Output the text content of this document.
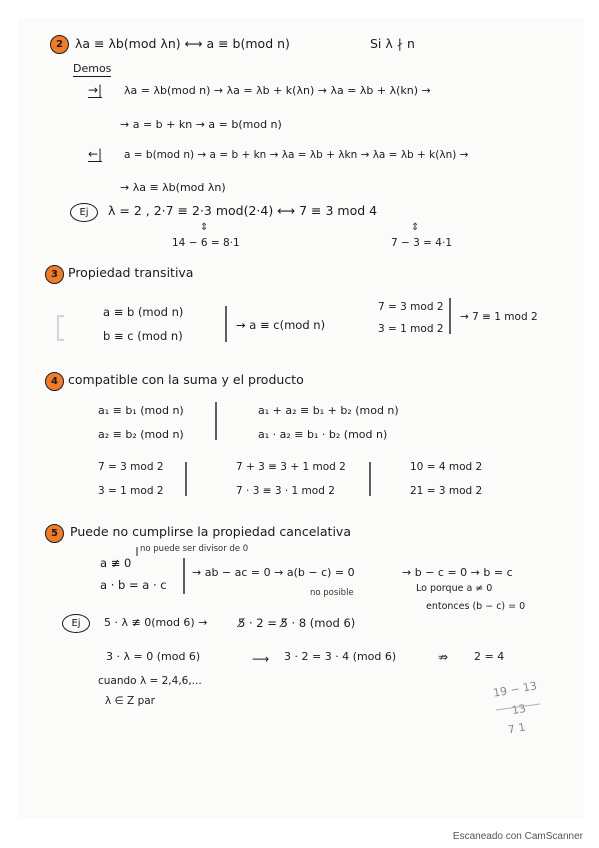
2 λa ≡ λb(mod λn) ⟷ a ≡ b(mod n)	Si λ ∤ n
Demos
→| λa = λb(mod n) → λa = λb + k(λn) → λa = λb + λ(kn) →
→ a = b + kn → a = b(mod n)
←| a = b(mod n) → a = b + kn → λa = λb + λkn → λa = λb + k(λn) →
→ λa ≡ λb(mod λn)
Ej	λ = 2 , 2·7 ≡ 2·3 mod(2·4) ⟷ 7 ≡ 3 mod 4
⇕
14 − 6 = 8·1
⇕
7 − 3 = 4·1
3 Propiedad transitiva
a ≡ b (mod n)
b ≡ c (mod n)
→ a ≡ c(mod n)
7 = 3 mod 2
3 = 1 mod 2
→ 7 ≡ 1 mod 2
4 compatible con la suma y el producto
a₁ ≡ b₁ (mod n)
a₂ ≡ b₂ (mod n)
a₁ + a₂ ≡ b₁ + b₂ (mod n)
a₁ · a₂ ≡ b₁ · b₂ (mod n)
7 = 3 mod 2
3 = 1 mod 2
7 + 3 ≡ 3 + 1 mod 2
7 · 3 ≡ 3 · 1 mod 2
10 = 4 mod 2
21 = 3 mod 2
5 Puede no cumplirse la propiedad cancelativa
no puede ser divisor de 0
a ≢ 0
a · b = a · c
→ ab − ac = 0 → a(b − c) = 0	→ b − c = 0 → b = c
no posible	Lo porque a ≠ 0
entonces (b − c) = 0
Ej	5 · λ ≢ 0(mod 6) →	5̸ · 2 = 5̸ · 8 (mod 6)
3 · λ = 0 (mod 6)	⟶ 3 · 2 = 3 · 4 (mod 6)	⇏ 2 = 4
cuando λ = 2,4,6,...
λ ∈ Z par
19 − 13
13
7 1
Escaneado con CamScanner
